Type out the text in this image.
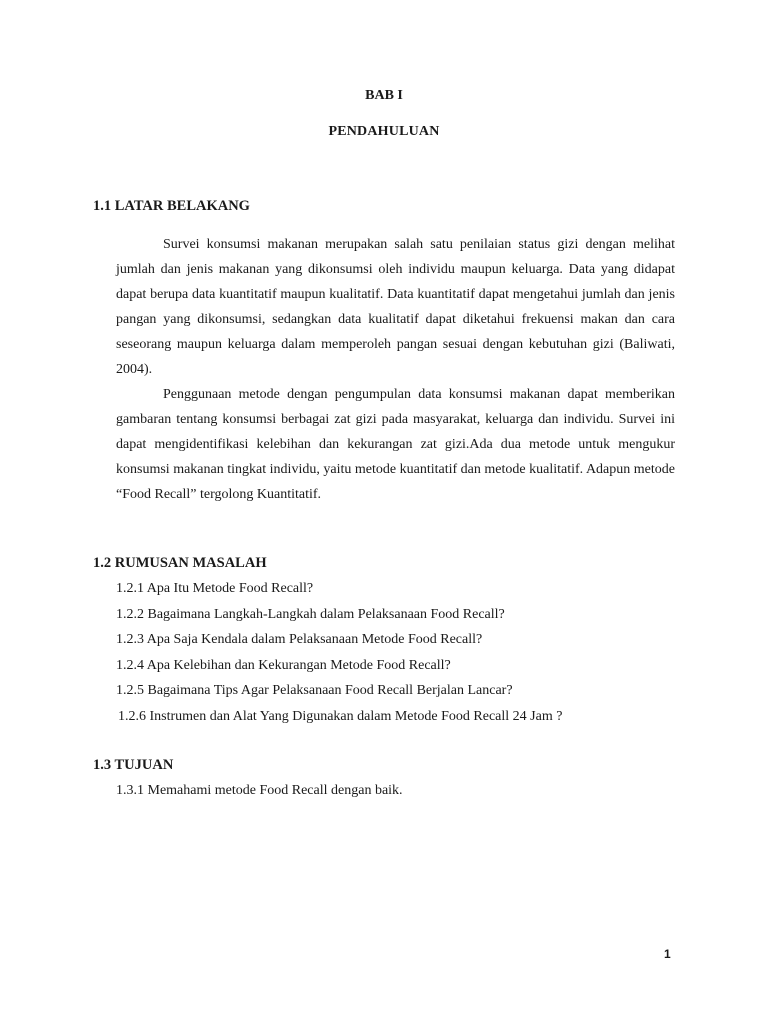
BAB I
PENDAHULUAN
1.1 LATAR BELAKANG

Survei konsumsi makanan merupakan salah satu penilaian status gizi dengan melihat jumlah dan jenis makanan yang dikonsumsi oleh individu maupun keluarga. Data yang didapat dapat berupa data kuantitatif maupun kualitatif. Data kuantitatif dapat mengetahui jumlah dan jenis pangan yang dikonsumsi, sedangkan data kualitatif dapat diketahui frekuensi makan dan cara seseorang maupun keluarga dalam memperoleh pangan sesuai dengan kebutuhan gizi (Baliwati, 2004).

Penggunaan metode dengan pengumpulan data konsumsi makanan dapat memberikan gambaran tentang konsumsi berbagai zat gizi pada masyarakat, keluarga dan individu. Survei ini dapat mengidentifikasi kelebihan dan kekurangan zat gizi.Ada dua metode untuk mengukur konsumsi makanan tingkat individu, yaitu metode kuantitatif dan metode kualitatif. Adapun metode “Food Recall” tergolong Kuantitatif.

1.2 RUMUSAN MASALAH
1.2.1 Apa Itu Metode Food Recall?
1.2.2 Bagaimana Langkah-Langkah dalam Pelaksanaan Food Recall?
1.2.3 Apa Saja Kendala dalam Pelaksanaan Metode Food Recall?
1.2.4 Apa Kelebihan dan Kekurangan Metode Food Recall?
1.2.5 Bagaimana Tips Agar Pelaksanaan Food Recall Berjalan Lancar?
1.2.6 Instrumen dan Alat Yang Digunakan dalam Metode Food Recall 24 Jam ?
1.3 TUJUAN
1.3.1 Memahami metode Food Recall dengan baik.
1
